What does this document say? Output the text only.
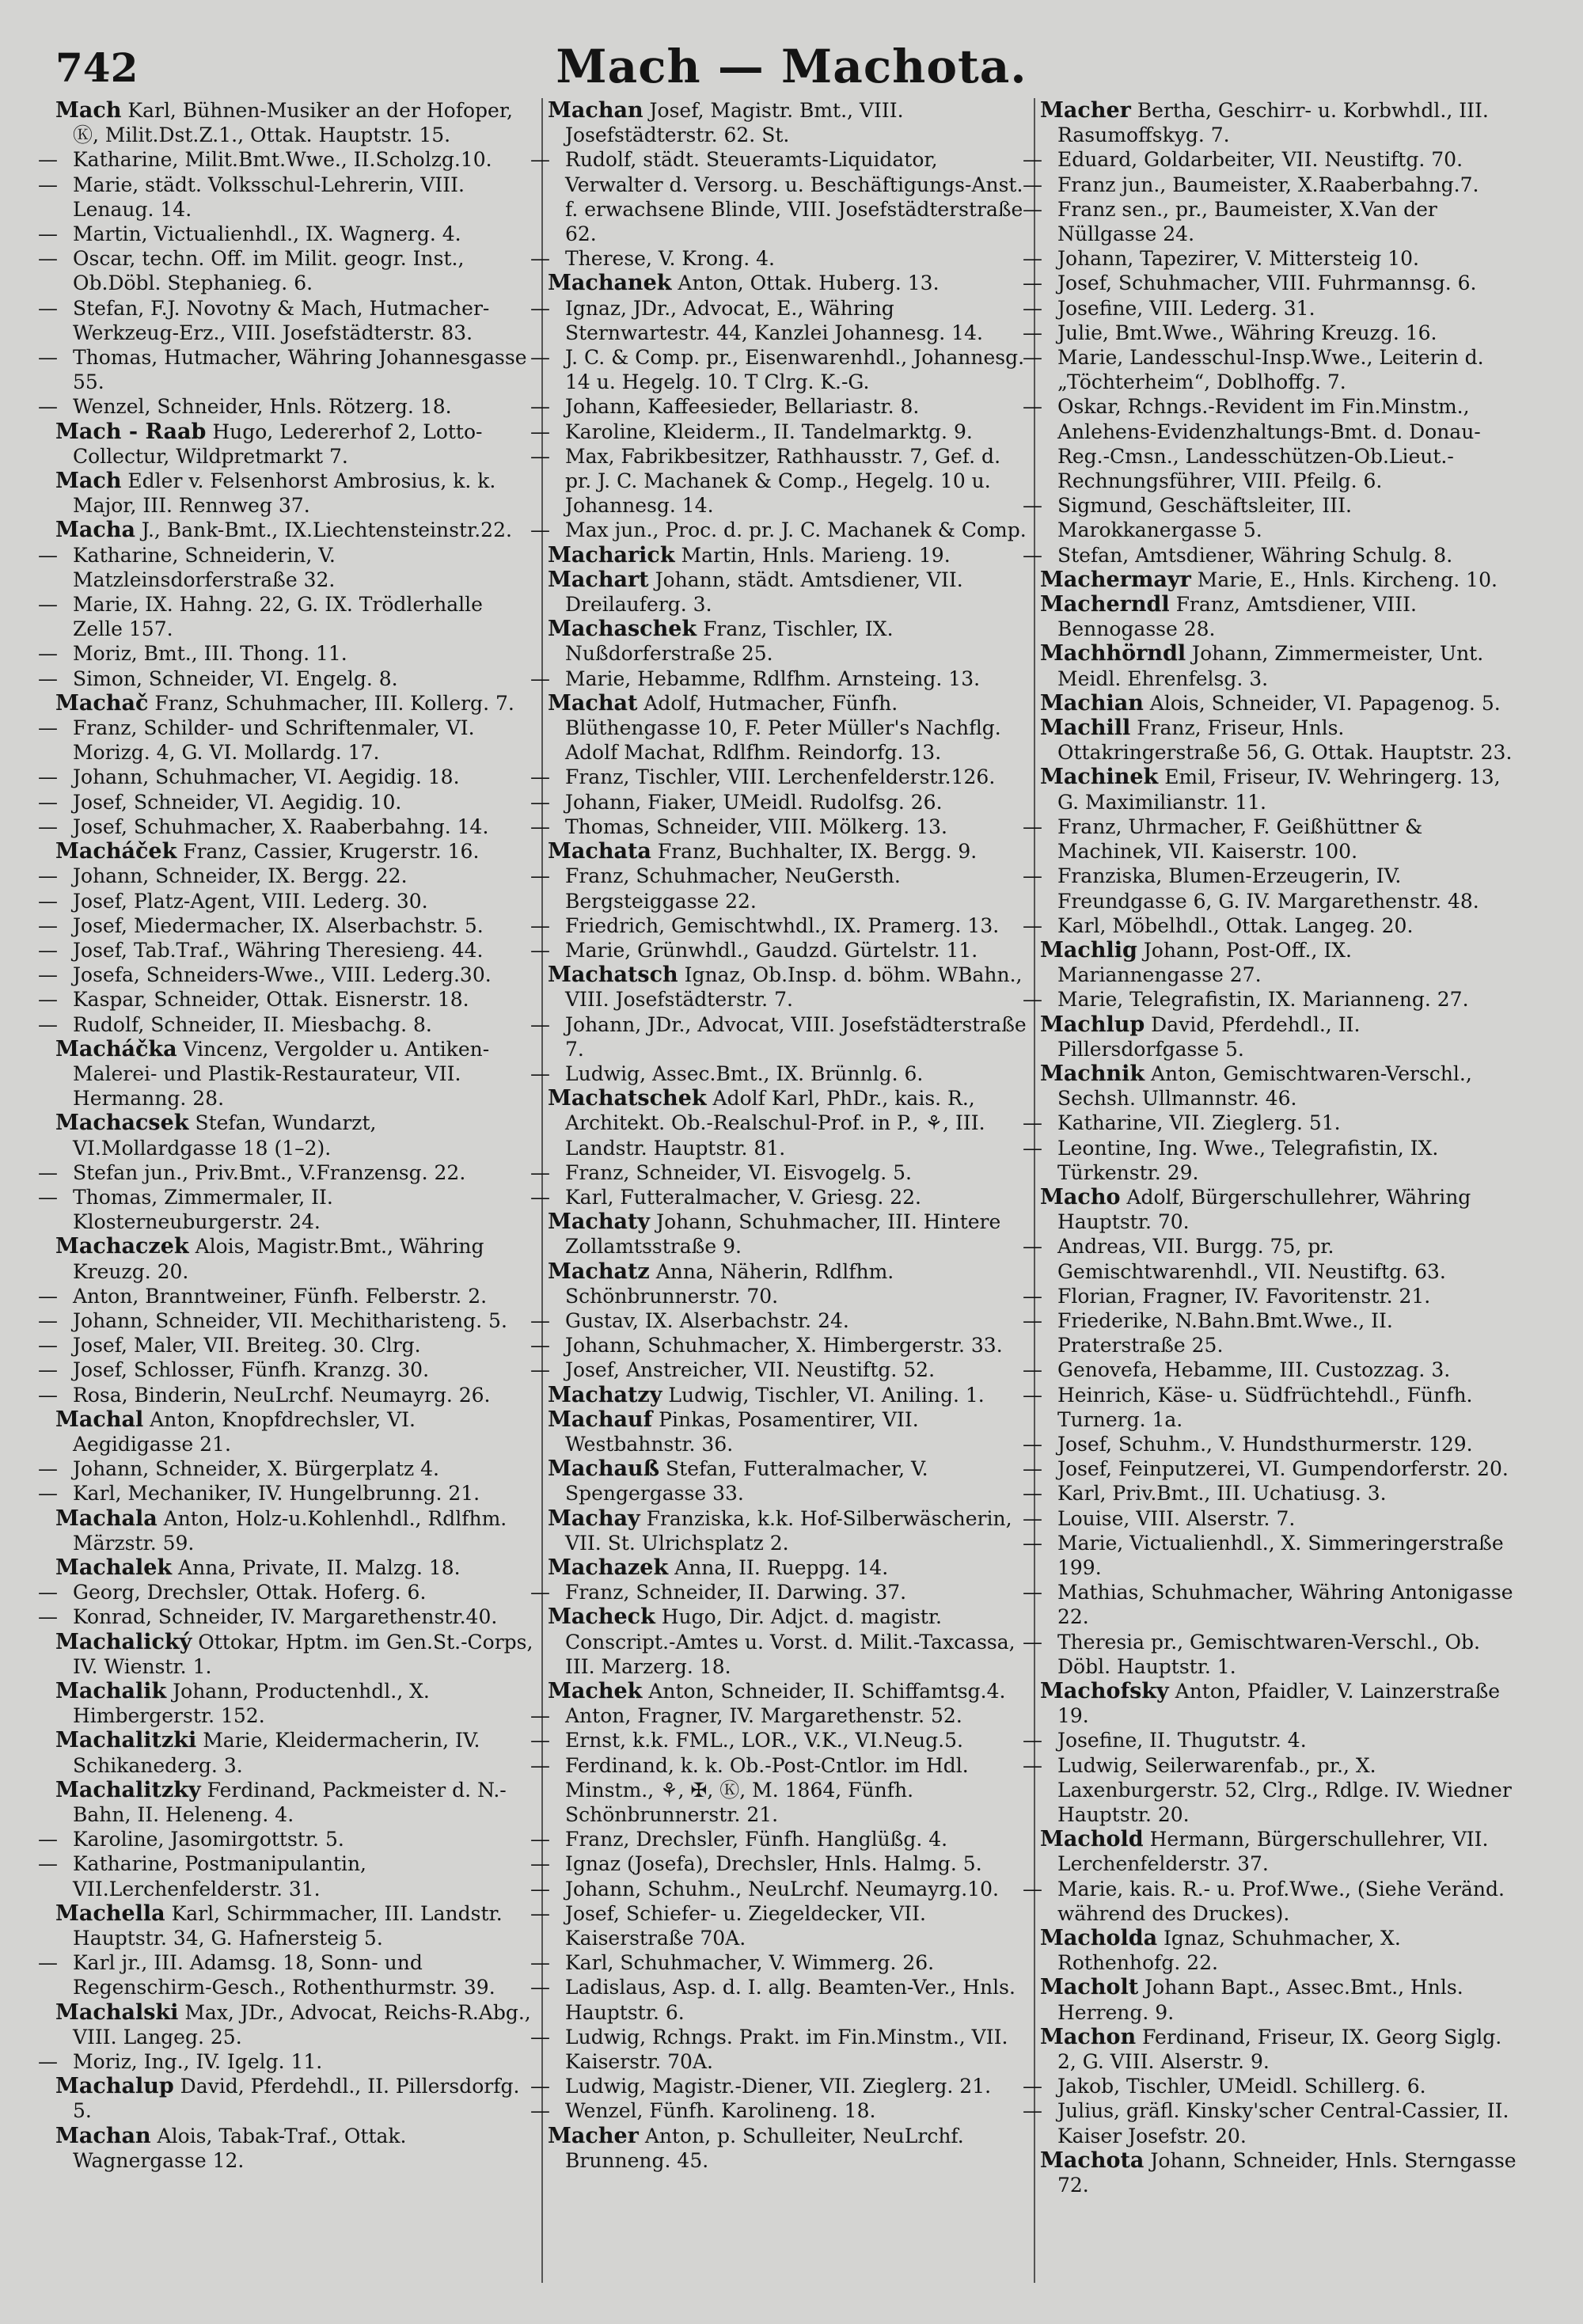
742	Mach — Machota.

Mach Karl, Bühnen-Musiker an der Hofoper, Ⓚ, Milit.Dst.Z.1., Ottak. Hauptstr. 15.

— Katharine, Milit.Bmt.Wwe., II.Scholzg.10.

— Marie, städt. Volksschul-Lehrerin, VIII. Lenaug. 14.

— Martin, Victualienhdl., IX. Wagnerg. 4.

— Oscar, techn. Off. im Milit. geogr. Inst., Ob.Döbl. Stephanieg. 6.

— Stefan, F.J. Novotny & Mach, Hutmacher-Werkzeug-Erz., VIII. Josefstädterstr. 83.

— Thomas, Hutmacher, Währing Johannesgasse 55.

— Wenzel, Schneider, Hnls. Rötzerg. 18.

Mach - Raab Hugo, Ledererhof 2, Lotto-Collectur, Wildpretmarkt 7.

Mach Edler v. Felsenhorst Ambrosius, k. k. Major, III. Rennweg 37.

Macha J., Bank-Bmt., IX.Liechtensteinstr.22.

— Katharine, Schneiderin, V. Matzleinsdorferstraße 32.

— Marie, IX. Hahng. 22, G. IX. Trödlerhalle Zelle 157.

— Moriz, Bmt., III. Thong. 11.

— Simon, Schneider, VI. Engelg. 8.

Machač Franz, Schuhmacher, III. Kollerg. 7.

— Franz, Schilder- und Schriftenmaler, VI. Morizg. 4, G. VI. Mollardg. 17.

— Johann, Schuhmacher, VI. Aegidig. 18.

— Josef, Schneider, VI. Aegidig. 10.

— Josef, Schuhmacher, X. Raaberbahng. 14.

Macháček Franz, Cassier, Krugerstr. 16.

— Johann, Schneider, IX. Bergg. 22.

— Josef, Platz-Agent, VIII. Lederg. 30.

— Josef, Miedermacher, IX. Alserbachstr. 5.

— Josef, Tab.Traf., Währing Theresieng. 44.

— Josefa, Schneiders-Wwe., VIII. Lederg.30.

— Kaspar, Schneider, Ottak. Eisnerstr. 18.

— Rudolf, Schneider, II. Miesbachg. 8.

Macháčka Vincenz, Vergolder u. Antiken-Malerei- und Plastik-Restaurateur, VII. Hermanng. 28.

Machacsek Stefan, Wundarzt, VI.Mollardgasse 18 (1–2).

— Stefan jun., Priv.Bmt., V.Franzensg. 22.

— Thomas, Zimmermaler, II. Klosterneuburgerstr. 24.

Machaczek Alois, Magistr.Bmt., Währing Kreuzg. 20.

— Anton, Branntweiner, Fünfh. Felberstr. 2.

— Johann, Schneider, VII. Mechitharisteng. 5.

— Josef, Maler, VII. Breiteg. 30. Clrg.

— Josef, Schlosser, Fünfh. Kranzg. 30.

— Rosa, Binderin, NeuLrchf. Neumayrg. 26.

Machal Anton, Knopfdrechsler, VI. Aegidigasse 21.

— Johann, Schneider, X. Bürgerplatz 4.

— Karl, Mechaniker, IV. Hungelbrunng. 21.

Machala Anton, Holz-u.Kohlenhdl., Rdlfhm. Märzstr. 59.

Machalek Anna, Private, II. Malzg. 18.

— Georg, Drechsler, Ottak. Hoferg. 6.

— Konrad, Schneider, IV. Margarethenstr.40.

Machalický Ottokar, Hptm. im Gen.St.-Corps, IV. Wienstr. 1.

Machalik Johann, Productenhdl., X. Himbergerstr. 152.

Machalitzki Marie, Kleidermacherin, IV. Schikanederg. 3.

Machalitzky Ferdinand, Packmeister d. N.-Bahn, II. Heleneng. 4.

— Karoline, Jasomirgottstr. 5.

— Katharine, Postmanipulantin, VII.Lerchenfelderstr. 31.

Machella Karl, Schirmmacher, III. Landstr. Hauptstr. 34, G. Hafnersteig 5.

— Karl jr., III. Adamsg. 18, Sonn- und Regenschirm-Gesch., Rothenthurmstr. 39.

Machalski Max, JDr., Advocat, Reichs-R.Abg., VIII. Langeg. 25.

— Moriz, Ing., IV. Igelg. 11.

Machalup David, Pferdehdl., II. Pillersdorfg. 5.

Machan Alois, Tabak-Traf., Ottak. Wagnergasse 12.

Machan Josef, Magistr. Bmt., VIII. Josefstädterstr. 62. St.

— Rudolf, städt. Steueramts-Liquidator, Verwalter d. Versorg. u. Beschäftigungs-Anst. f. erwachsene Blinde, VIII. Josefstädterstraße 62.

— Therese, V. Krong. 4.

Machanek Anton, Ottak. Huberg. 13.

— Ignaz, JDr., Advocat, E., Währing Sternwartestr. 44, Kanzlei Johannesg. 14.

— J. C. & Comp. pr., Eisenwarenhdl., Johannesg. 14 u. Hegelg. 10. T Clrg. K.-G.

— Johann, Kaffeesieder, Bellariastr. 8.

— Karoline, Kleiderm., II. Tandelmarktg. 9.

— Max, Fabrikbesitzer, Rathhausstr. 7, Gef. d. pr. J. C. Machanek & Comp., Hegelg. 10 u. Johannesg. 14.

— Max jun., Proc. d. pr. J. C. Machanek & Comp.

Macharick Martin, Hnls. Marieng. 19.

Machart Johann, städt. Amtsdiener, VII. Dreilauferg. 3.

Machaschek Franz, Tischler, IX. Nußdorferstraße 25.

— Marie, Hebamme, Rdlfhm. Arnsteing. 13.

Machat Adolf, Hutmacher, Fünfh. Blüthengasse 10, F. Peter Müller's Nachflg. Adolf Machat, Rdlfhm. Reindorfg. 13.

— Franz, Tischler, VIII. Lerchenfelderstr.126.

— Johann, Fiaker, UMeidl. Rudolfsg. 26.

— Thomas, Schneider, VIII. Mölkerg. 13.

Machata Franz, Buchhalter, IX. Bergg. 9.

— Franz, Schuhmacher, NeuGersth. Bergsteiggasse 22.

— Friedrich, Gemischtwhdl., IX. Pramerg. 13.

— Marie, Grünwhdl., Gaudzd. Gürtelstr. 11.

Machatsch Ignaz, Ob.Insp. d. böhm. WBahn., VIII. Josefstädterstr. 7.

— Johann, JDr., Advocat, VIII. Josefstädterstraße 7.

— Ludwig, Assec.Bmt., IX. Brünnlg. 6.

Machatschek Adolf Karl, PhDr., kais. R., Architekt. Ob.-Realschul-Prof. in P., ⚘, III. Landstr. Hauptstr. 81.

— Franz, Schneider, VI. Eisvogelg. 5.

— Karl, Futteralmacher, V. Griesg. 22.

Machaty Johann, Schuhmacher, III. Hintere Zollamtsstraße 9.

Machatz Anna, Näherin, Rdlfhm. Schönbrunnerstr. 70.

— Gustav, IX. Alserbachstr. 24.

— Johann, Schuhmacher, X. Himbergerstr. 33.

— Josef, Anstreicher, VII. Neustiftg. 52.

Machatzy Ludwig, Tischler, VI. Aniling. 1.

Machauf Pinkas, Posamentirer, VII. Westbahnstr. 36.

Machauß Stefan, Futteralmacher, V. Spengergasse 33.

Machay Franziska, k.k. Hof-Silberwäscherin, VII. St. Ulrichsplatz 2.

Machazek Anna, II. Rueppg. 14.

— Franz, Schneider, II. Darwing. 37.

Macheck Hugo, Dir. Adjct. d. magistr. Conscript.-Amtes u. Vorst. d. Milit.-Taxcassa, III. Marzerg. 18.

Machek Anton, Schneider, II. Schiffamtsg.4.

— Anton, Fragner, IV. Margarethenstr. 52.

— Ernst, k.k. FML., LOR., V.K., VI.Neug.5.

— Ferdinand, k. k. Ob.-Post-Cntlor. im Hdl. Minstm., ⚘, ✠, Ⓚ, M. 1864, Fünfh. Schönbrunnerstr. 21.

— Franz, Drechsler, Fünfh. Hanglüßg. 4.

— Ignaz (Josefa), Drechsler, Hnls. Halmg. 5.

— Johann, Schuhm., NeuLrchf. Neumayrg.10.

— Josef, Schiefer- u. Ziegeldecker, VII. Kaiserstraße 70A.

— Karl, Schuhmacher, V. Wimmerg. 26.

— Ladislaus, Asp. d. I. allg. Beamten-Ver., Hnls. Hauptstr. 6.

— Ludwig, Rchngs. Prakt. im Fin.Minstm., VII. Kaiserstr. 70A.

— Ludwig, Magistr.-Diener, VII. Zieglerg. 21.

— Wenzel, Fünfh. Karolineng. 18.

Macher Anton, p. Schulleiter, NeuLrchf. Brunneng. 45.

Macher Bertha, Geschirr- u. Korbwhdl., III. Rasumoffskyg. 7.

— Eduard, Goldarbeiter, VII. Neustiftg. 70.

— Franz jun., Baumeister, X.Raaberbahng.7.

— Franz sen., pr., Baumeister, X.Van der Nüllgasse 24.

— Johann, Tapezirer, V. Mittersteig 10.

— Josef, Schuhmacher, VIII. Fuhrmannsg. 6.

— Josefine, VIII. Lederg. 31.

— Julie, Bmt.Wwe., Währing Kreuzg. 16.

— Marie, Landesschul-Insp.Wwe., Leiterin d. „Töchterheim“, Doblhoffg. 7.

— Oskar, Rchngs.-Revident im Fin.Minstm., Anlehens-Evidenzhaltungs-Bmt. d. Donau-Reg.-Cmsn., Landesschützen-Ob.Lieut.-Rechnungsführer, VIII. Pfeilg. 6.

— Sigmund, Geschäftsleiter, III. Marokkanergasse 5.

— Stefan, Amtsdiener, Währing Schulg. 8.

Machermayr Marie, E., Hnls. Kircheng. 10.

Macherndl Franz, Amtsdiener, VIII. Bennogasse 28.

Machhörndl Johann, Zimmermeister, Unt. Meidl. Ehrenfelsg. 3.

Machian Alois, Schneider, VI. Papagenog. 5.

Machill Franz, Friseur, Hnls. Ottakringerstraße 56, G. Ottak. Hauptstr. 23.

Machinek Emil, Friseur, IV. Wehringerg. 13, G. Maximilianstr. 11.

— Franz, Uhrmacher, F. Geißhüttner & Machinek, VII. Kaiserstr. 100.

— Franziska, Blumen-Erzeugerin, IV. Freundgasse 6, G. IV. Margarethenstr. 48.

— Karl, Möbelhdl., Ottak. Langeg. 20.

Machlig Johann, Post-Off., IX. Mariannengasse 27.

— Marie, Telegrafistin, IX. Marianneng. 27.

Machlup David, Pferdehdl., II. Pillersdorfgasse 5.

Machnik Anton, Gemischtwaren-Verschl., Sechsh. Ullmannstr. 46.

— Katharine, VII. Zieglerg. 51.

— Leontine, Ing. Wwe., Telegrafistin, IX. Türkenstr. 29.

Macho Adolf, Bürgerschullehrer, Währing Hauptstr. 70.

— Andreas, VII. Burgg. 75, pr. Gemischtwarenhdl., VII. Neustiftg. 63.

— Florian, Fragner, IV. Favoritenstr. 21.

— Friederike, N.Bahn.Bmt.Wwe., II. Praterstraße 25.

— Genovefa, Hebamme, III. Custozzag. 3.

— Heinrich, Käse- u. Südfrüchtehdl., Fünfh. Turnerg. 1a.

— Josef, Schuhm., V. Hundsthurmerstr. 129.

— Josef, Feinputzerei, VI. Gumpendorferstr. 20.

— Karl, Priv.Bmt., III. Uchatiusg. 3.

— Louise, VIII. Alserstr. 7.

— Marie, Victualienhdl., X. Simmeringerstraße 199.

— Mathias, Schuhmacher, Währing Antonigasse 22.

— Theresia pr., Gemischtwaren-Verschl., Ob. Döbl. Hauptstr. 1.

Machofsky Anton, Pfaidler, V. Lainzerstraße 19.

— Josefine, II. Thugutstr. 4.

— Ludwig, Seilerwarenfab., pr., X. Laxenburgerstr. 52, Clrg., Rdlge. IV. Wiedner Hauptstr. 20.

Machold Hermann, Bürgerschullehrer, VII. Lerchenfelderstr. 37.

— Marie, kais. R.- u. Prof.Wwe., (Siehe Veränd. während des Druckes).

Macholda Ignaz, Schuhmacher, X. Rothenhofg. 22.

Macholt Johann Bapt., Assec.Bmt., Hnls. Herreng. 9.

Machon Ferdinand, Friseur, IX. Georg Siglg. 2, G. VIII. Alserstr. 9.

— Jakob, Tischler, UMeidl. Schillerg. 6.

— Julius, gräfl. Kinsky'scher Central-Cassier, II. Kaiser Josefstr. 20.

Machota Johann, Schneider, Hnls. Sterngasse 72.
